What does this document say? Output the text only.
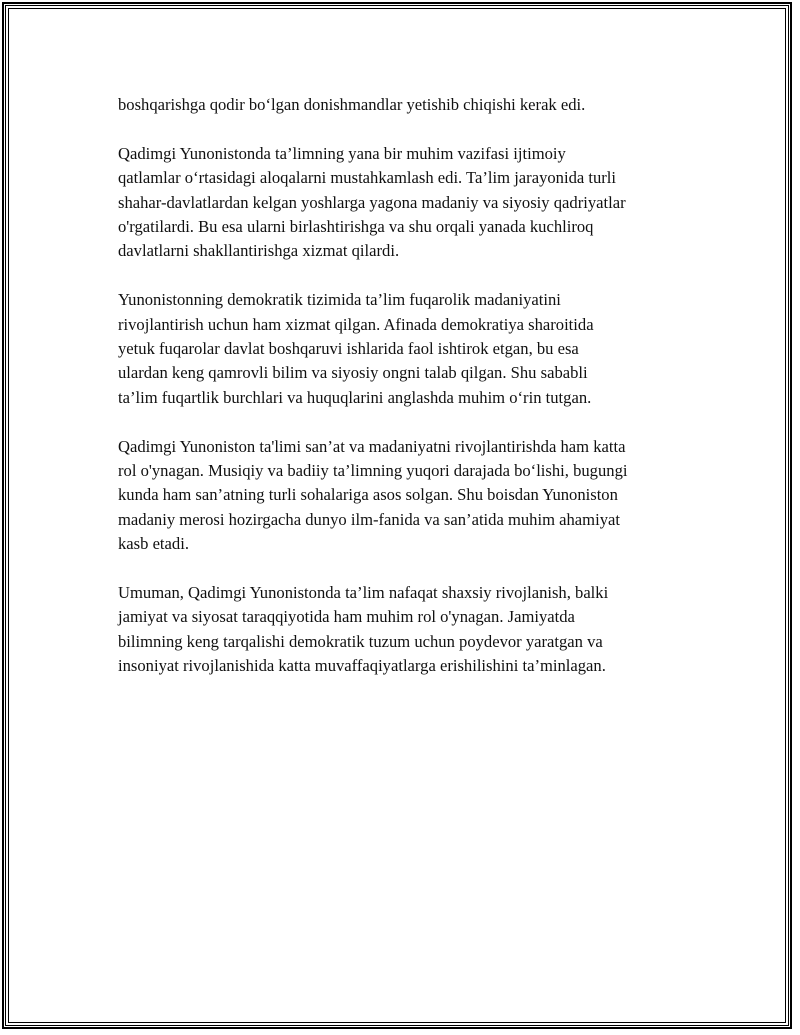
boshqarishga qodir bo‘lgan donishmandlar yetishib chiqishi kerak edi.

Qadimgi Yunonistonda ta’limning yana bir muhim vazifasi ijtimoiy
qatlamlar o‘rtasidagi aloqalarni mustahkamlash edi. Ta’lim jarayonida turli
shahar-davlatlardan kelgan yoshlarga yagona madaniy va siyosiy qadriyatlar
o'rgatilardi. Bu esa ularni birlashtirishga va shu orqali yanada kuchliroq
davlatlarni shakllantirishga xizmat qilardi.

Yunonistonning demokratik tizimida ta’lim fuqarolik madaniyatini
rivojlantirish uchun ham xizmat qilgan. Afinada demokratiya sharoitida
yetuk fuqarolar davlat boshqaruvi ishlarida faol ishtirok etgan, bu esa
ulardan keng qamrovli bilim va siyosiy ongni talab qilgan. Shu sababli
ta’lim fuqartlik burchlari va huquqlarini anglashda muhim o‘rin tutgan.

Qadimgi Yunoniston ta'limi san’at va madaniyatni rivojlantirishda ham katta
rol o'ynagan. Musiqiy va badiiy ta’limning yuqori darajada bo‘lishi, bugungi
kunda ham san’atning turli sohalariga asos solgan. Shu boisdan Yunoniston
madaniy merosi hozirgacha dunyo ilm-fanida va san’atida muhim ahamiyat
kasb etadi.

Umuman, Qadimgi Yunonistonda ta’lim nafaqat shaxsiy rivojlanish, balki
jamiyat va siyosat taraqqiyotida ham muhim rol o'ynagan. Jamiyatda
bilimning keng tarqalishi demokratik tuzum uchun poydevor yaratgan va
insoniyat rivojlanishida katta muvaffaqiyatlarga erishilishini ta’minlagan.
